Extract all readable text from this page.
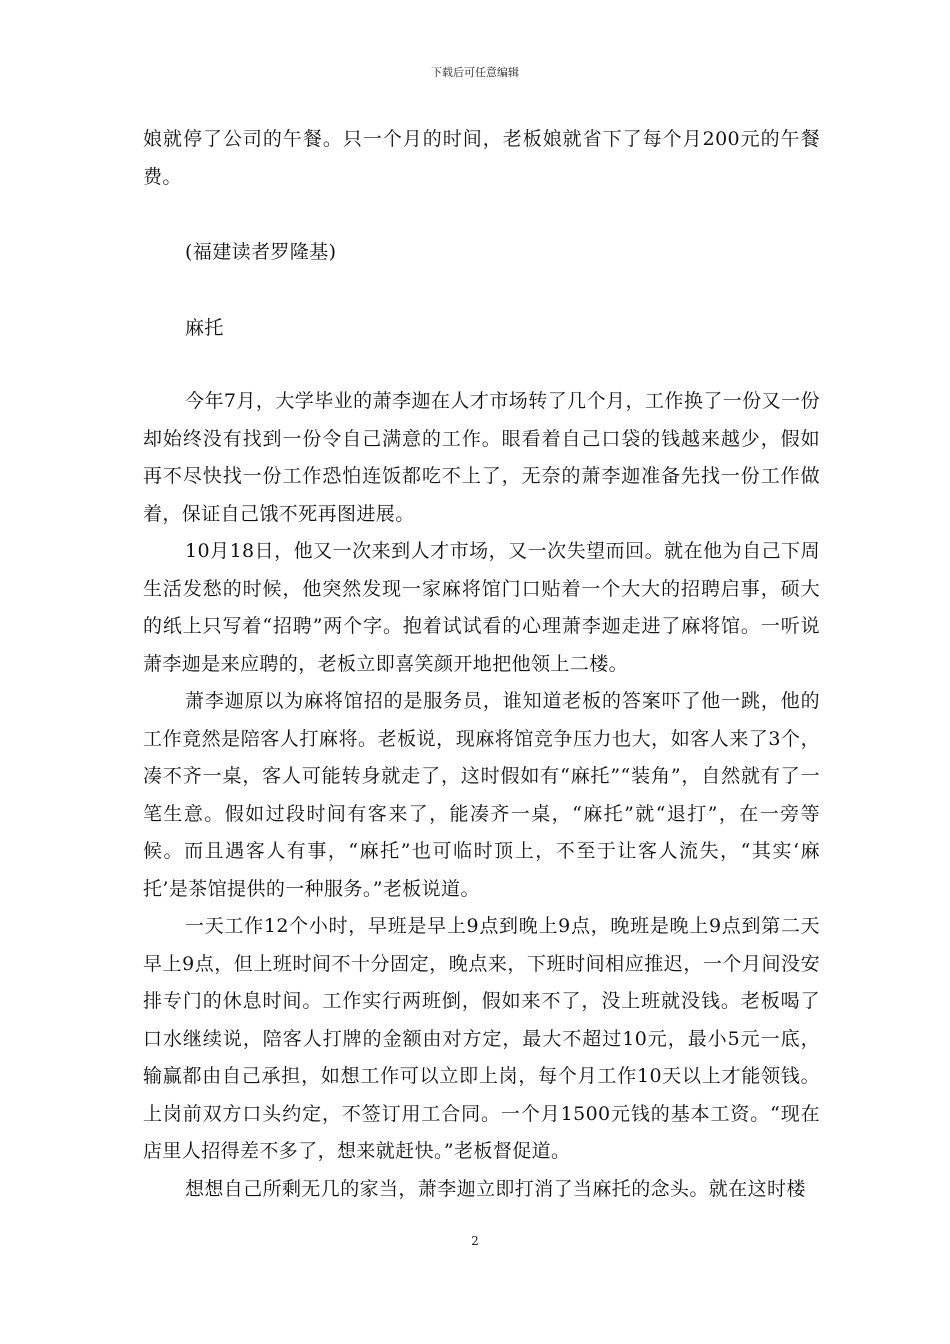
下载后可任意编辑

娘就停了公司的午餐。只一个月的时间，老板娘就省下了每个月200元的午餐费。

(福建读者罗隆基)

麻托

今年7月，大学毕业的萧李迦在人才市场转了几个月，工作换了一份又一份却始终没有找到一份令自己满意的工作。眼看着自己口袋的钱越来越少，假如再不尽快找一份工作恐怕连饭都吃不上了，无奈的萧李迦准备先找一份工作做着，保证自己饿不死再图进展。

10月18日，他又一次来到人才市场，又一次失望而回。就在他为自己下周生活发愁的时候，他突然发现一家麻将馆门口贴着一个大大的招聘启事，硕大的纸上只写着“招聘”两个字。抱着试试看的心理萧李迦走进了麻将馆。一听说萧李迦是来应聘的，老板立即喜笑颜开地把他领上二楼。

萧李迦原以为麻将馆招的是服务员，谁知道老板的答案吓了他一跳，他的工作竟然是陪客人打麻将。老板说，现麻将馆竞争压力也大，如客人来了3个，凑不齐一桌，客人可能转身就走了，这时假如有“麻托”“装角”，自然就有了一笔生意。假如过段时间有客来了，能凑齐一桌，“麻托”就“退打”，在一旁等候。而且遇客人有事，“麻托”也可临时顶上，不至于让客人流失，“其实‘麻托’是茶馆提供的一种服务。”老板说道。

一天工作12个小时，早班是早上9点到晚上9点，晚班是晚上9点到第二天早上9点，但上班时间不十分固定，晚点来，下班时间相应推迟，一个月间没安排专门的休息时间。工作实行两班倒，假如来不了，没上班就没钱。老板喝了口水继续说，陪客人打牌的金额由对方定，最大不超过10元，最小5元一底，输赢都由自己承担，如想工作可以立即上岗，每个月工作10天以上才能领钱。上岗前双方口头约定，不签订用工合同。一个月1500元钱的基本工资。“现在店里人招得差不多了，想来就赶快。”老板督促道。

想想自己所剩无几的家当，萧李迦立即打消了当麻托的念头。就在这时楼

2
